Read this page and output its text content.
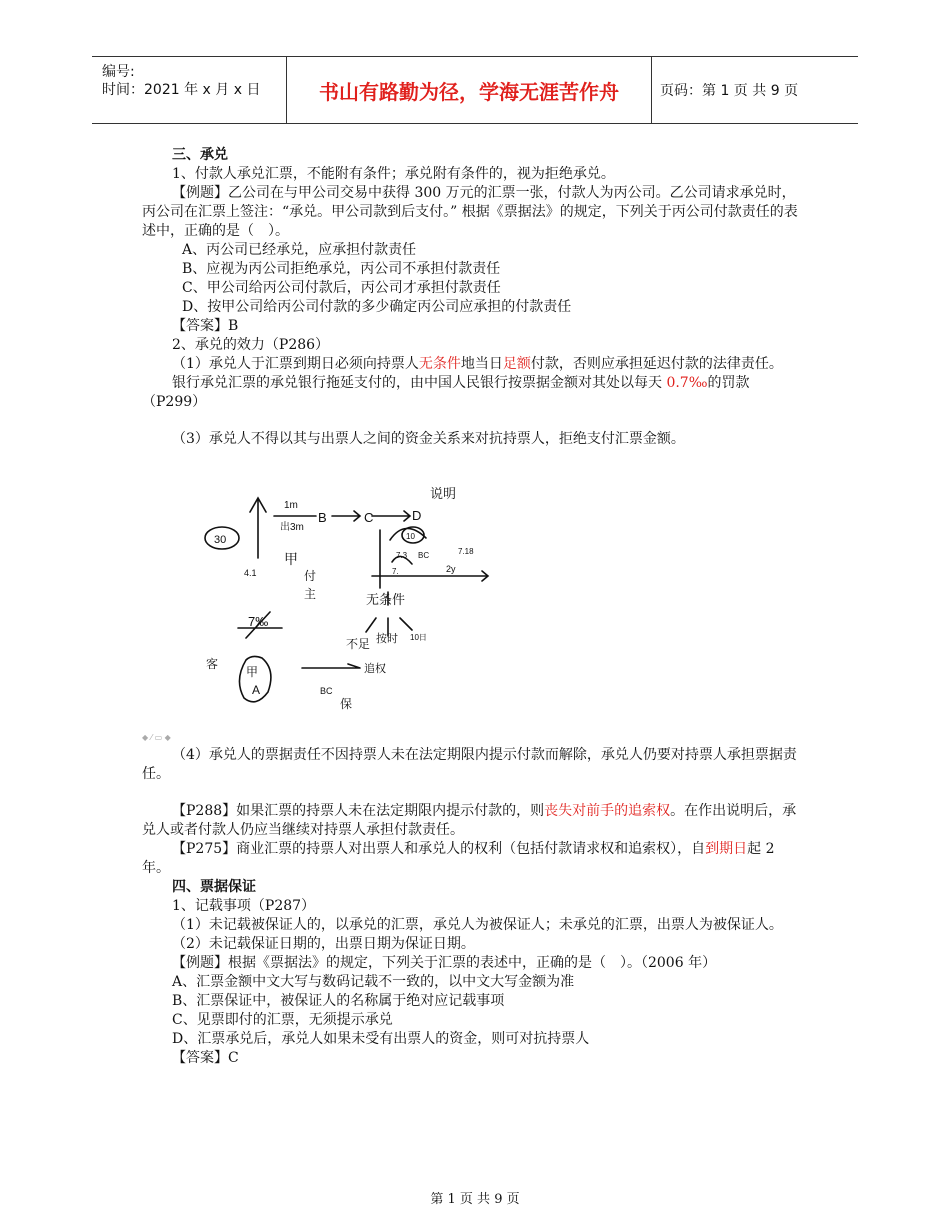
编号:
时间：2021 年 x 月 x 日	书山有路勤为径，学海无涯苦作舟	页码：第 1 页 共 9 页

三、承兑

1、付款人承兑汇票，不能附有条件；承兑附有条件的，视为拒绝承兑。

【例题】乙公司在与甲公司交易中获得 300 万元的汇票一张，付款人为丙公司。乙公司请求承兑时，丙公司在汇票上签注：“承兑。甲公司款到后支付。” 根据《票据法》的规定，下列关于丙公司付款责任的表述中，正确的是（　）。

A、丙公司已经承兑，应承担付款责任

B、应视为丙公司拒绝承兑，丙公司不承担付款责任

C、甲公司给丙公司付款后，丙公司才承担付款责任

D、按甲公司给丙公司付款的多少确定丙公司应承担的付款责任

【答案】B

2、承兑的效力（P286）

（1）承兑人于汇票到期日必须向持票人无条件地当日足额付款，否则应承担延迟付款的法律责任。

银行承兑汇票的承兑银行拖延支付的，由中国人民银行按票据金额对其处以每天 0.7‰的罚款（P299）

（3）承兑人不得以其与出票人之间的资金关系来对抗持票人，拒绝支付汇票金额。

30
1m
出3m
B	C	D
说明
10
7.3 BC	7.18
4.1
甲
付
主
7.	2y
无条件
7‰
客
甲
A	BC
保
不足 按时 10日
追权
◆ ⁄ ▭ ◆

（4）承兑人的票据责任不因持票人未在法定期限内提示付款而解除，承兑人仍要对持票人承担票据责任。

【P288】如果汇票的持票人未在法定期限内提示付款的，则丧失对前手的追索权。在作出说明后，承兑人或者付款人仍应当继续对持票人承担付款责任。

【P275】商业汇票的持票人对出票人和承兑人的权利（包括付款请求权和追索权），自到期日起 2 年。

四、票据保证

1、记载事项（P287）

（1）未记载被保证人的，以承兑的汇票，承兑人为被保证人；未承兑的汇票，出票人为被保证人。

（2）未记载保证日期的，出票日期为保证日期。

【例题】根据《票据法》的规定，下列关于汇票的表述中，正确的是（　）。（2006 年）

A、汇票金额中文大写与数码记载不一致的，以中文大写金额为准

B、汇票保证中，被保证人的名称属于绝对应记载事项

C、见票即付的汇票，无须提示承兑

D、汇票承兑后，承兑人如果未受有出票人的资金，则可对抗持票人

【答案】C

第 1 页 共 9 页
